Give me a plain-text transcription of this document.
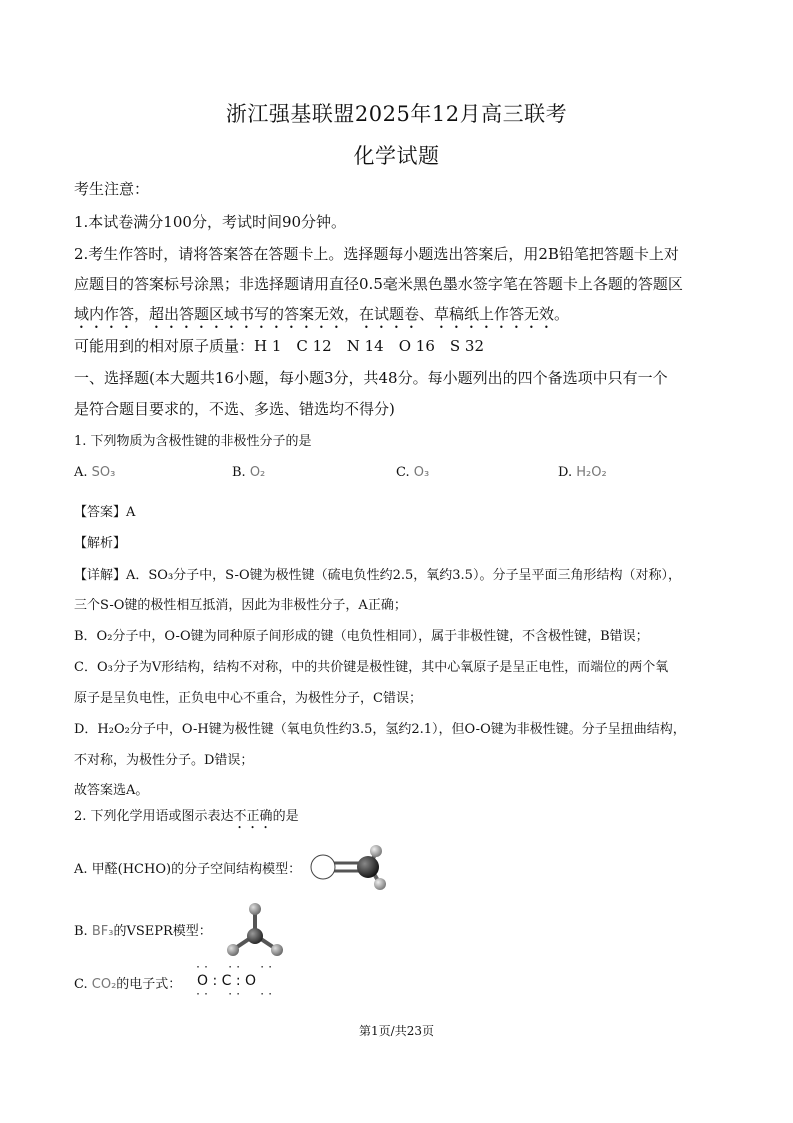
浙江强基联盟2025年12月高三联考
化学试题
考生注意：
1.本试卷满分100分，考试时间90分钟。
2.考生作答时，请将答案答在答题卡上。选择题每小题选出答案后，用2B铅笔把答题卡上对
应题目的答案标号涂黑；非选择题请用直径0.5毫米黑色墨水签字笔在答题卡上各题的答题区
域内作答，超出答题区域书写的答案无效，在试题卷、草稿纸上作答无效。
可能用到的相对原子质量：H 1　C 12　N 14　O 16　S 32
一、选择题(本大题共16小题，每小题3分，共48分。每小题列出的四个备选项中只有一个
是符合题目要求的，不选、多选、错选均不得分)
1. 下列物质为含极性键的非极性分子的是
A. SO₃	B. O₂	C. O₃	D. H₂O₂
【答案】A
【解析】
【详解】A．SO₃分子中，S-O键为极性键（硫电负性约2.5，氧约3.5）。分子呈平面三角形结构（对称），
三个S-O键的极性相互抵消，因此为非极性分子，A正确；
B．O₂分子中，O-O键为同种原子间形成的键（电负性相同），属于非极性键，不含极性键，B错误；
C．O₃分子为V形结构，结构不对称，中的共价键是极性键，其中心氧原子是呈正电性，而端位的两个氧
原子是呈负电性，正负电中心不重合，为极性分子，C错误；
D．H₂O₂分子中，O-H键为极性键（氧电负性约3.5，氢约2.1），但O-O键为非极性键。分子呈扭曲结构，
不对称，为极性分子。D错误；
故答案选A。
2. 下列化学用语或图示表达不正确的是
A. 甲醛(HCHO)的分子空间结构模型：
B. BF₃的VSEPR模型：
C. CO₂的电子式：
··  ··  ··
O : C : O
··  ··  ··
第1页/共23页
